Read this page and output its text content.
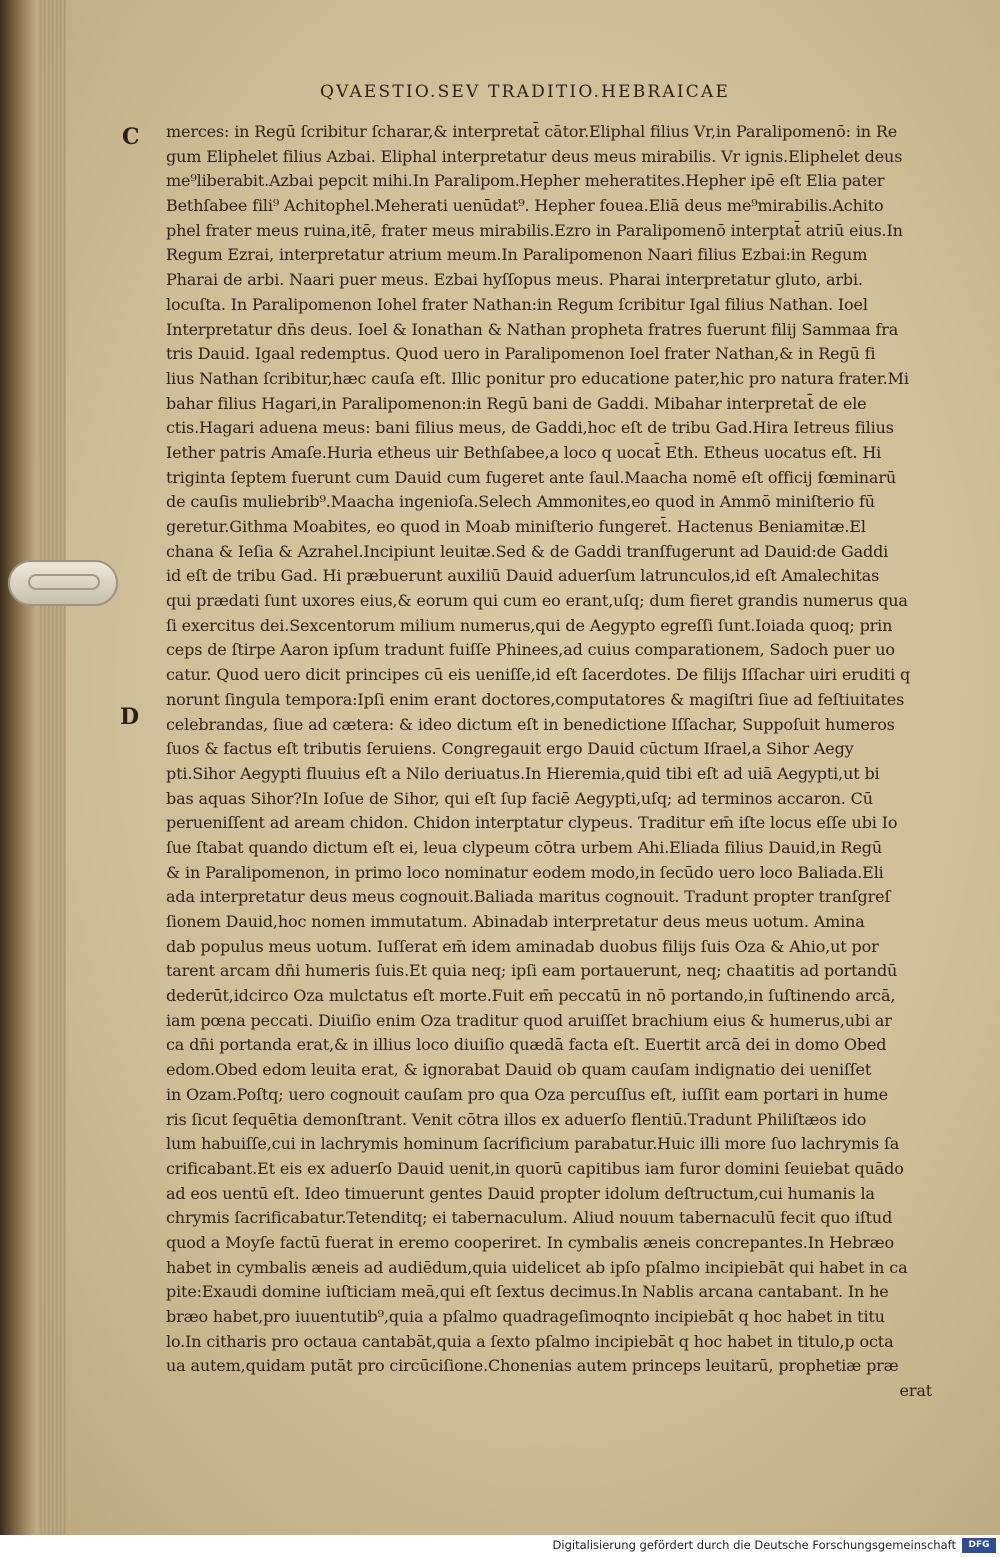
QVAESTIO.SEV TRADITIO.HEBRAICAE
C
D
merces: in Regū ſcribitur ſcharar,& interpretat̄ cātor.Eliphal filius Vr,in Paralipomenō: in Re
gum Eliphelet filius Azbai. Eliphal interpretatur deus meus mirabilis. Vr ignis.Eliphelet deus
me⁹liberabit.Azbai pepcit mihi.In Paralipom.Hepher meheratites.Hepher ipē eſt Elia pater
Bethſabee fili⁹ Achitophel.Meherati uenūdat⁹. Hepher fouea.Eliā deus me⁹mirabilis.Achito
phel frater meus ruina,itē, frater meus mirabilis.Ezro in Paralipomenō interptat̄ atriū eius.In
Regum Ezrai, interpretatur atrium meum.In Paralipomenon Naari filius Ezbai:in Regum
Pharai de arbi. Naari puer meus. Ezbai hyſſopus meus. Pharai interpretatur gluto, arbi.
locuſta. In Paralipomenon Iohel frater Nathan:in Regum ſcribitur Igal filius Nathan. Ioel
Interpretatur dn̄s deus. Ioel & Ionathan & Nathan propheta fratres fuerunt filij Sammaa fra
tris Dauid. Igaal redemptus. Quod uero in Paralipomenon Ioel frater Nathan,& in Regū fi
lius Nathan ſcribitur,hæc cauſa eſt. Illic ponitur pro educatione pater,hic pro natura frater.Mi
bahar filius Hagari,in Paralipomenon:in Regū bani de Gaddi. Mibahar interpretat̄ de ele
ctis.Hagari aduena meus: bani filius meus, de Gaddi,hoc eſt de tribu Gad.Hira Ietreus filius
Iether patris Amaſe.Huria etheus uir Bethſabee,a loco q uocat̄ Eth. Etheus uocatus eſt. Hi
triginta ſeptem fuerunt cum Dauid cum fugeret ante ſaul.Maacha nomē eſt officij fœminarū
de cauſis muliebrib⁹.Maacha ingenioſa.Selech Ammonites,eo quod in Ammō miniſterio fū
geretur.Githma Moabites, eo quod in Moab miniſterio fungeret̄. Hactenus Beniamitæ.El
chana & Ieſia & Azrahel.Incipiunt leuitæ.Sed & de Gaddi tranſfugerunt ad Dauid:de Gaddi
id eſt de tribu Gad. Hi præbuerunt auxiliū Dauid aduerſum latrunculos,id eſt Amalechitas
qui prædati ſunt uxores eius,& eorum qui cum eo erant,uſq; dum fieret grandis numerus qua
ſi exercitus dei.Sexcentorum milium numerus,qui de Aegypto egreſſi ſunt.Ioiada quoq; prin
ceps de ſtirpe Aaron ipſum tradunt fuiſſe Phinees,ad cuius comparationem, Sadoch puer uo
catur. Quod uero dicit principes cū eis ueniſſe,id eſt ſacerdotes. De filijs Iſſachar uiri eruditi q
norunt ſingula tempora:Ipſi enim erant doctores,computatores & magiſtri ſiue ad feſtiuitates
celebrandas, ſiue ad cætera: & ideo dictum eſt in benedictione Iſſachar, Suppoſuit humeros
ſuos & factus eſt tributis ſeruiens. Congregauit ergo Dauid cūctum Iſrael,a Sihor Aegy
pti.Sihor Aegypti fluuius eſt a Nilo deriuatus.In Hieremia,quid tibi eſt ad uiā Aegypti,ut bi
bas aquas Sihor?In Ioſue de Sihor, qui eſt ſup faciē Aegypti,uſq; ad terminos accaron. Cū
perueniſſent ad aream chidon. Chidon interptatur clypeus. Traditur em̄ iſte locus eſſe ubi Io
ſue ſtabat quando dictum eſt ei, leua clypeum cōtra urbem Ahi.Eliada filius Dauid,in Regū
& in Paralipomenon, in primo loco nominatur eodem modo,in ſecūdo uero loco Baliada.Eli
ada interpretatur deus meus cognouit.Baliada maritus cognouit. Tradunt propter tranſgreſ
ſionem Dauid,hoc nomen immutatum. Abinadab interpretatur deus meus uotum. Amina
dab populus meus uotum. Iuſſerat em̄ idem aminadab duobus filijs ſuis Oza & Ahio,ut por
tarent arcam dn̄i humeris ſuis.Et quia neq; ipſi eam portauerunt, neq; chaatitis ad portandū
dederūt,idcirco Oza mulctatus eſt morte.Fuit em̄ peccatū in nō portando,in ſuſtinendo arcā,
iam pœna peccati. Diuiſio enim Oza traditur quod aruiſſet brachium eius & humerus,ubi ar
ca dn̄i portanda erat,& in illius loco diuiſio quædā facta eſt. Euertit arcā dei in domo Obed
edom.Obed edom leuita erat, & ignorabat Dauid ob quam cauſam indignatio dei ueniſſet
in Ozam.Poſtq; uero cognouit cauſam pro qua Oza percuſſus eſt, iuſſit eam portari in hume
ris ſicut ſequētia demonſtrant. Venit cōtra illos ex aduerſo flentiū.Tradunt Philiſtæos ido
lum habuiſſe,cui in lachrymis hominum ſacrificium parabatur.Huic illi more ſuo lachrymis ſa
crificabant.Et eis ex aduerſo Dauid uenit,in quorū capitibus iam furor domini ſeuiebat quādo
ad eos uentū eſt. Ideo timuerunt gentes Dauid propter idolum deſtructum,cui humanis la
chrymis ſacrificabatur.Tetenditq; ei tabernaculum. Aliud nouum tabernaculū fecit quo iſtud
quod a Moyſe factū fuerat in eremo cooperiret. In cymbalis æneis concrepantes.In Hebræo
habet in cymbalis æneis ad audiēdum,quia uidelicet ab ipſo pſalmo incipiebāt qui habet in ca
pite:Exaudi domine iuſticiam meā,qui eſt ſextus decimus.In Nablis arcana cantabant. In he
bræo habet,pro iuuentutib⁹,quia a pſalmo quadrageſimoqnto incipiebāt q hoc habet in titu
lo.In citharis pro octaua cantabāt,quia a ſexto pſalmo incipiebāt q hoc habet in titulo,p octa
ua autem,quidam putāt pro circūciſione.Chonenias autem princeps leuitarū, prophetiæ præ
erat
Digitalisierung gefördert durch die Deutsche Forschungsgemeinschaft	DFG
